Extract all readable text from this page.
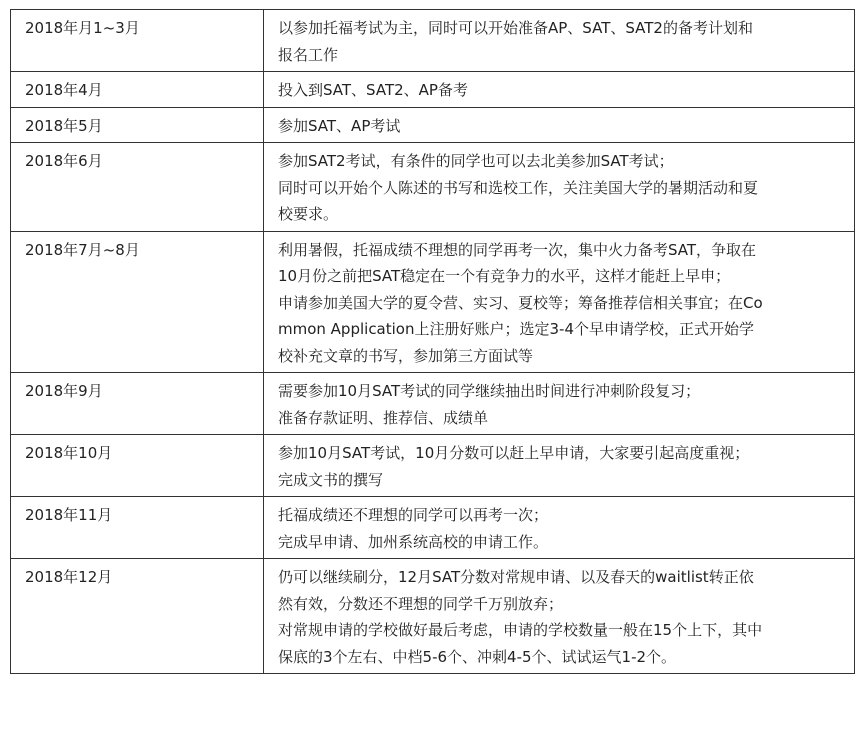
2018年月1~3月	以参加托福考试为主，同时可以开始准备AP、SAT、SAT2的备考计划和
报名工作

2018年4月	投入到SAT、SAT2、AP备考

2018年5月	参加SAT、AP考试

2018年6月	参加SAT2考试，有条件的同学也可以去北美参加SAT考试；
同时可以开始个人陈述的书写和选校工作，关注美国大学的暑期活动和夏
校要求。

2018年7月~8月	利用暑假，托福成绩不理想的同学再考一次，集中火力备考SAT，争取在
10月份之前把SAT稳定在一个有竞争力的水平，这样才能赶上早申；
申请参加美国大学的夏令营、实习、夏校等；筹备推荐信相关事宜；在Co
mmon Application上注册好账户；选定3-4个早申请学校，正式开始学
校补充文章的书写，参加第三方面试等

2018年9月	需要参加10月SAT考试的同学继续抽出时间进行冲刺阶段复习；
准备存款证明、推荐信、成绩单

2018年10月	参加10月SAT考试，10月分数可以赶上早申请，大家要引起高度重视；
完成文书的撰写

2018年11月	托福成绩还不理想的同学可以再考一次；
完成早申请、加州系统高校的申请工作。

2018年12月	仍可以继续刷分，12月SAT分数对常规申请、以及春天的waitlist转正依
然有效，分数还不理想的同学千万别放弃；
对常规申请的学校做好最后考虑，申请的学校数量一般在15个上下，其中
保底的3个左右、中档5-6个、冲刺4-5个、试试运气1-2个。
